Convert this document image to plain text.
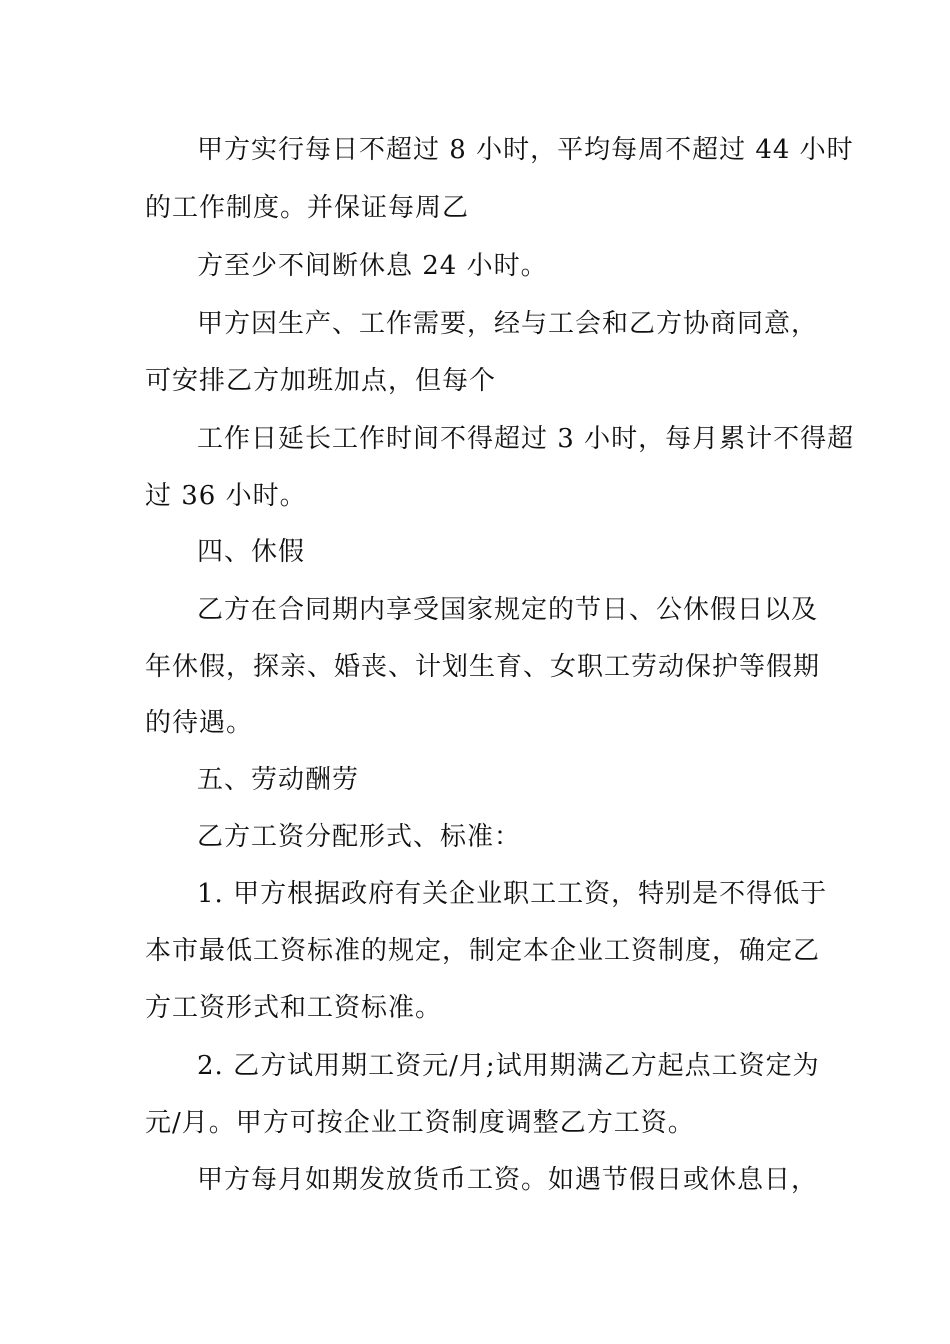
甲方实行每日不超过 8 小时，平均每周不超过 44 小时
的工作制度。并保证每周乙
方至少不间断休息 24 小时。
甲方因生产、工作需要，经与工会和乙方协商同意，
可安排乙方加班加点，但每个
工作日延长工作时间不得超过 3 小时，每月累计不得超
过 36 小时。
四、休假
乙方在合同期内享受国家规定的节日、公休假日以及
年休假，探亲、婚丧、计划生育、女职工劳动保护等假期
的待遇。
五、劳动酬劳
乙方工资分配形式、标准：
1. 甲方根据政府有关企业职工工资，特别是不得低于
本市最低工资标准的规定，制定本企业工资制度，确定乙
方工资形式和工资标准。
2. 乙方试用期工资元/月;试用期满乙方起点工资定为
元/月。甲方可按企业工资制度调整乙方工资。
甲方每月如期发放货币工资。如遇节假日或休息日，
